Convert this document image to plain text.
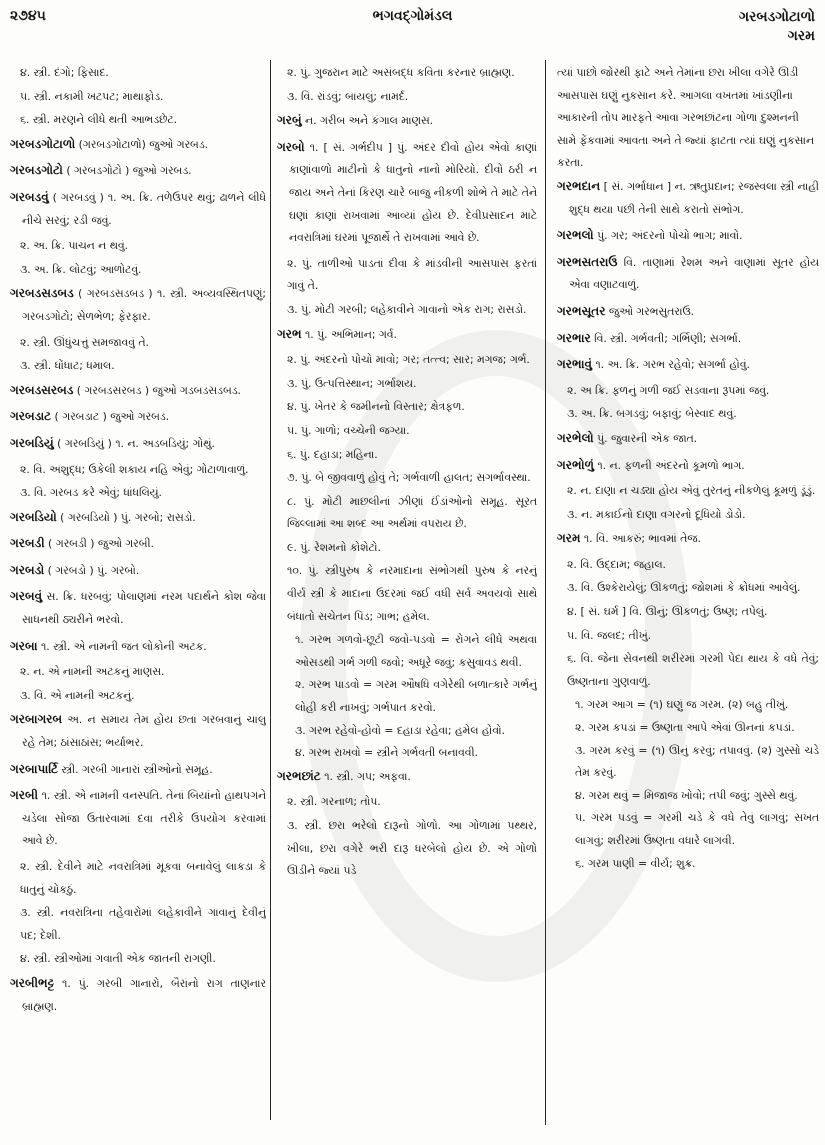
૨૭૪૫	ભગવદ્ગોમંડલ	ગરબડગોટાળો
ગરમ
૪. સ્ત્રી. દંગો; ફિસાદ.
૫. સ્ત્રી. નકામી ખટપટ; માથાફોડ.
૬. સ્ત્રી. મરણને લીધે થતી આભડછેટ.
ગરબડગોટાળો (ગરબડગોટાળો) જુઓ ગરબડ.
ગરબડગોટો ( ગરબડગોટો ) જુઓ ગરબડ.
ગરબડવું ( ગરબડવું ) ૧. અ. ક્રિ. તળેઉપર થવું; ઢાળને લીધે નીચે સરવું; રડી જવું.
૨. અ. ક્રિ. પાચન ન થવું.
૩. અ. ક્રિ. લોટવું; આળોટવું.
ગરબડસડબડ ( ગરબડસડબડ ) ૧. સ્ત્રી. અવ્યવસ્થિતપણું; ગરબડગોટો; સેળભેળ; ફેરફાર.
૨. સ્ત્રી. ઊંધુંચત્તું સમજાવવું તે.
૩. સ્ત્રી. ધોંધાટ; ધમાલ.
ગરબડસરબડ ( ગરબડસરબડ ) જુઓ ગડબડસડબડ.
ગરબડાટ ( ગરબડાટ ) જુઓ ગરબડ.
ગરબડિયું ( ગરબડિયું ) ૧. ન. અડબડિયું; ગોથું.
૨. વિ. અશુદ્ધ; ઉકેલી શકાય નહિ એવું; ગોટાળાવાળું.
૩. વિ. ગરબડ કરે એવું; ધાંધલિયું.
ગરબડિયો ( ગરબડિયો ) પું. ગરબો; રાસડો.
ગરબડી ( ગરબડી ) જુઓ ગરબી.
ગરબડો ( ગરબડો ) પું. ગરબો.
ગરબવું સ. ક્રિ. ધરબવું; પોલાણમાં નરમ પદાર્થને કોશ જેવા સાધનથી ઠ્યરીને ભરવો.
ગરબા ૧. સ્ત્રી. એ નામની જત લોકોની અટક.
૨. ન. એ નામની અટકનું માણસ.
૩. વિ. એ નામની અટકનું.
ગરબાગરબ અ. ન સમાય તેમ હોય છતાં ગરબવાનું ચાલુ રહે તેમ; ઠાંસાઠાંસ; ભર્યાભર.
ગરબાપાર્ટિ સ્ત્રી. ગરબી ગાનારાં સ્ત્રીઓનો સમૂહ.
ગરબી ૧. સ્ત્રી. એ નામની વનસ્પતિ. તેનાં બિયાંનો હાથપગને ચડેલા સોજા ઉતારવામાં દવા તરીકે ઉપયોગ કરવામાં આવે છે.
૨. સ્ત્રી. દેવીને માટે નવરાત્રિમાં મૂકવા બનાવેલું લાકડા કે ધાતુનું ચોકઠું.
૩. સ્ત્રી. નવરાત્રિના તહેવારોમાં લહેકાવીને ગાવાનું દેવીનું પદ; દેશી.
૪. સ્ત્રી. સ્ત્રીઓમાં ગવાતી એક જાતની રાગણી.
ગરબીભટ્ટ ૧. પું. ગરબી ગાનારો, બૈરાંનો રાગ તાણનાર બ્રાહ્મણ.
૨. પું. ગુજરાન માટે અસંબદ્ધ કવિતા કરનાર બ્રાહ્મણ.
૩. વિ. રાંડવું; બાયલું; નામર્દ.
ગરબું ન. ગરીબ અને કંગાલ માણસ.
ગરબો ૧. [ સં. ગર્ભદીપ ] પું. અંદર દીવો હોય એવો કાણાં કાણાંવાળો માટીનો કે ધાતુનો નાનો મોરિયો. દીવો ઠરી ન જાય અને તેનાં કિરણ ચારે બાજુ નીકળી શોભે તે માટે તેને ઘણાં કાણાં રાખવામાં આવ્યાં હોય છે. દેવીપ્રસાદન માટે નવરાત્રિમાં ઘરમાં પૂજાર્થે તે રાખવામાં આવે છે.
૨. પું. તાળીઓ પાડતાં દીવા કે માંડવીની આસપાસ ફરતાં ગાવું તે.
૩. પું. મોટી ગરબી; લહેકાવીને ગાવાનો એક રાગ; રાસડો.
ગરભ ૧. પું. અભિમાન; ગર્વ.
૨. પું. અંદરનો પોચો માવો; ગર; તત્ત્વ; સાર; મગજ; ગર્ભ.
૩. પું. ઉત્પત્તિસ્થાન; ગર્ભાશય.
૪. પું. ખેતર કે જમીનનો વિસ્તાર; ક્ષેત્રફળ.
૫. પું. ગાળો; વચ્ચેની જગ્યા.
૬. પું. દહાડા; મહિના.
૭. પું. બે જીવવાળું હોવું તે; ગર્ભવાળી હાલત; સગર્ભાવસ્થા.
૮. પું. મોટી માછલીનાં ઝીણાં ઈંડાંઓનો સમૂહ. સૂરત જિલ્લામાં આ શબ્દ આ અર્થમાં વપરાય છે.
૯. પું. રેશમનો કોશેટો.
૧૦. પું. સ્ત્રીપુરુષ કે નરમાદાના સંભોગથી પુરુષ કે નરનું વીર્ય સ્ત્રી કે માદાના ઉદરમાં જઈ વધી સર્વ અવયવો સાથે બંધાતો સચેતન પિંડ; ગાભ; હમેલ.
૧. ગરભ ગળવો-છૂટી જવો-પડવો = રોગને લીધે અથવા ઓસડથી ગર્ભ ગળી જવો; અધૂરે જવું; કસુવાવડ થવી.
૨. ગરભ પાડવો = ગરમ ઔષધિ વગેરેથી બળાત્કારે ગર્ભનું લોહી કરી નાખવું; ગર્ભપાત કરવો.
૩. ગરભ રહેવો-હોવો = દહાડા રહેવા; હમેલ હોવો.
૪. ગરભ રાખવો = સ્ત્રીને ગર્ભવતી બનાવવી.
ગરભછાંટ ૧. સ્ત્રી. ગપ; અફવા.
૨. સ્ત્રી. ગરનાળ; તોપ.
૩. સ્ત્રી. છરા ભરેલો દારૂનો ગોળો. આ ગોળામાં પથ્થર, ખીલા, છરા વગેરે ભરી દારૂ ધરબેલો હોય છે. એ ગોળો ઊડીને જ્યાં પડે
ત્યાં પાછો જોરથી ફાટે અને તેમાંના છરા ખીલા વગેરે ઊડી આસપાસ ઘણું નુકસાન કરે. આગલા વખતમાં ખાંડણીના આકારની તોપ મારફતે આવા ગરભછાંટના ગોળા દુશ્મનની સામે ફેંકવામાં આવતા અને તે જ્યાં ફાટતા ત્યાં ઘણું નુકસાન કરતા.
ગરભદાન [ સં. ગર્ભાધાન ] ન. ઋતુપ્રદાન; રજસ્વલા સ્ત્રી નાહી શુદ્ધ થયા પછી તેની સાથે કરાતો સંભોગ.
ગરભલો પું. ગર; અંદરનો પોચો ભાગ; માવો.
ગરભસતરાઉ વિ. તાણામાં રેશમ અને વાણામાં સૂતર હોય એવા વણાટવાળું.
ગરભસૂતર જુઓ ગરભસુતરાઉ.
ગરભાર વિ. સ્ત્રી. ગર્ભવતી; ગર્ભિણી; સગર્ભા.
ગરભાવું ૧. અ. ક્રિ. ગરભ રહેવો; સગર્ભા હોવું.
૨. અ ક્રિ. ફળનું ગળી જઈ સડવાના રૂપમાં જવું.
૩. અ. ક્રિ. બગડવું; બફાવું; બેસ્વાદ થવું.
ગરભેલો પું. જુવારની એક જાત.
ગરભોળું ૧. ન. ફળની અંદરનો કૂમળો ભાગ.
૨. ન. દાણા ન ચડ્યા હોય એવું તુરતનું નીકળેલું કૂમળું ડૂંડું.
૩. ન. મકાઈનો દાણા વગરનો દૂધિયો ડોડો.
ગરમ ૧. વિ. આકરું; ભાવમાં તેજ.
૨. વિ. ઉદ્દામ; જહાલ.
૩. વિ. ઉશ્કેરાયેલું; ઊકળતું; જોશમાં કે ક્રોધમાં આવેલું.
૪. [ સં. ઘર્મ ] વિ. ઊનું; ઊકળતું; ઉષ્ણ; તપેલું.
૫. વિ. જલદ; તીખું.
૬. વિ. જેના સેવનથી શરીરમાં ગરમી પેદા થાય કે વધે તેવું; ઉષ્ણતાના ગુણવાળું.
૧. ગરમ આગ = (૧) ઘણું જ ગરમ. (૨) બહુ તીખું.
૨. ગરમ કપડાં = ઉષ્ણતા આપે એવાં ઊનનાં કપડાં.
૩. ગરમ કરવું = (૧) ઊનું કરવું; તપાવવું. (૨) ગુસ્સો ચડે તેમ કરવું.
૪. ગરમ થવું = મિજાજ ખોવો; તપી જવું; ગુસ્સે થવું.
૫. ગરમ પડવું = ગરમી ચડે કે વધે તેવું લાગવું; સખત લાગવું; શરીરમાં ઉષ્ણતા વધારે લાગવી.
૬. ગરમ પાણી = વીર્ય; શુક્ર.
